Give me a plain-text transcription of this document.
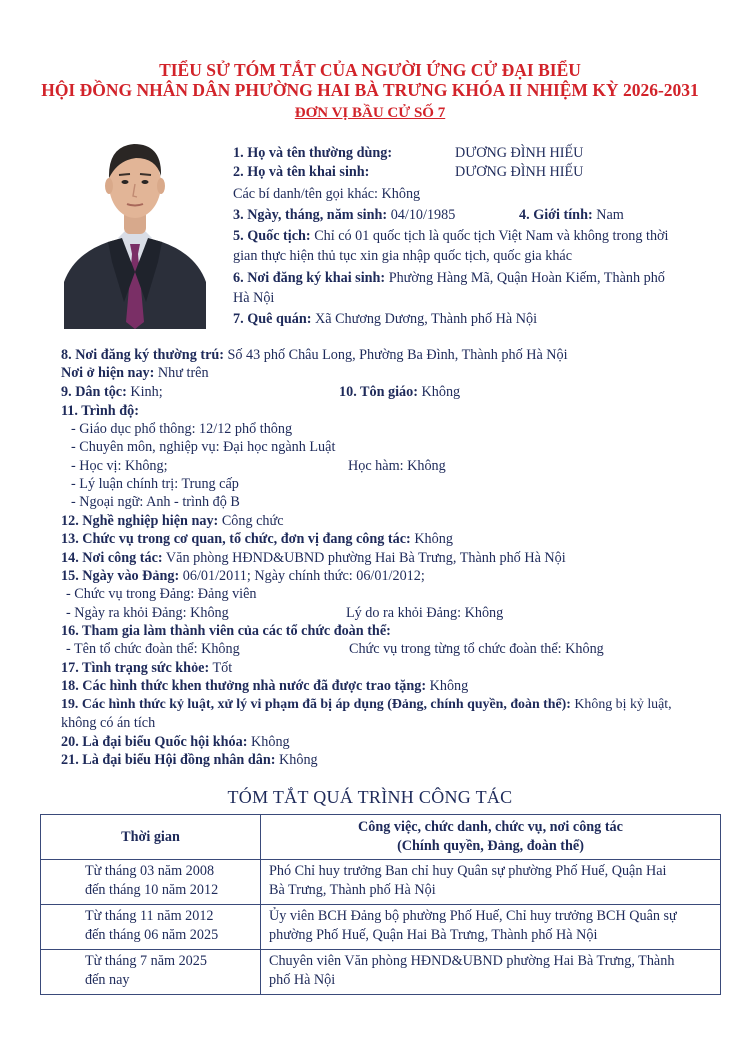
TIỂU SỬ TÓM TẮT CỦA NGƯỜI ỨNG CỬ ĐẠI BIỂU
HỘI ĐỒNG NHÂN DÂN PHƯỜNG HAI BÀ TRƯNG KHÓA II NHIỆM KỲ 2026-2031
ĐƠN VỊ BẦU CỬ SỐ 7
1. Họ và tên thường dùng:	DƯƠNG ĐÌNH HIẾU
2. Họ và tên khai sinh:	DƯƠNG ĐÌNH HIẾU
Các bí danh/tên gọi khác: Không
3. Ngày, tháng, năm sinh: 04/10/1985	4. Giới tính: Nam
5. Quốc tịch: Chỉ có 01 quốc tịch là quốc tịch Việt Nam và không trong thời
gian thực hiện thủ tục xin gia nhập quốc tịch, quốc gia khác
6. Nơi đăng ký khai sinh: Phường Hàng Mã, Quận Hoàn Kiếm, Thành phố
Hà Nội
7. Quê quán: Xã Chương Dương, Thành phố Hà Nội
8. Nơi đăng ký thường trú: Số 43 phố Châu Long, Phường Ba Đình, Thành phố Hà Nội
Nơi ở hiện nay: Như trên
9. Dân tộc: Kinh;	10. Tôn giáo: Không
11. Trình độ:
- Giáo dục phổ thông: 12/12 phổ thông
- Chuyên môn, nghiệp vụ: Đại học ngành Luật
- Học vị: Không;	Học hàm: Không
- Lý luận chính trị: Trung cấp
- Ngoại ngữ: Anh - trình độ B
12. Nghề nghiệp hiện nay: Công chức
13. Chức vụ trong cơ quan, tổ chức, đơn vị đang công tác: Không
14. Nơi công tác: Văn phòng HĐND&UBND phường Hai Bà Trưng, Thành phố Hà Nội
15. Ngày vào Đảng: 06/01/2011; Ngày chính thức: 06/01/2012;
- Chức vụ trong Đảng: Đảng viên
- Ngày ra khỏi Đảng: Không	Lý do ra khỏi Đảng: Không
16. Tham gia làm thành viên của các tổ chức đoàn thể:
- Tên tổ chức đoàn thể: Không	Chức vụ trong từng tổ chức đoàn thể: Không
17. Tình trạng sức khỏe: Tốt
18. Các hình thức khen thưởng nhà nước đã được trao tặng: Không
19. Các hình thức kỷ luật, xử lý vi phạm đã bị áp dụng (Đảng, chính quyền, đoàn thể): Không bị kỷ luật,
không có án tích
20. Là đại biểu Quốc hội khóa: Không
21. Là đại biểu Hội đồng nhân dân: Không
TÓM TẮT QUÁ TRÌNH CÔNG TÁC
Thời gian	Công việc, chức danh, chức vụ, nơi công tác
(Chính quyền, Đảng, đoàn thể)
Từ tháng 03 năm 2008
đến tháng 10 năm 2012	Phó Chỉ huy trưởng Ban chỉ huy Quân sự phường Phố Huế, Quận Hai
Bà Trưng, Thành phố Hà Nội
Từ tháng 11 năm 2012
đến tháng 06 năm 2025	Ủy viên BCH Đảng bộ phường Phố Huế, Chỉ huy trưởng BCH Quân sự
phường Phố Huế, Quận Hai Bà Trưng, Thành phố Hà Nội
Từ tháng 7 năm 2025
đến nay	Chuyên viên Văn phòng HĐND&UBND phường Hai Bà Trưng, Thành
phố Hà Nội
